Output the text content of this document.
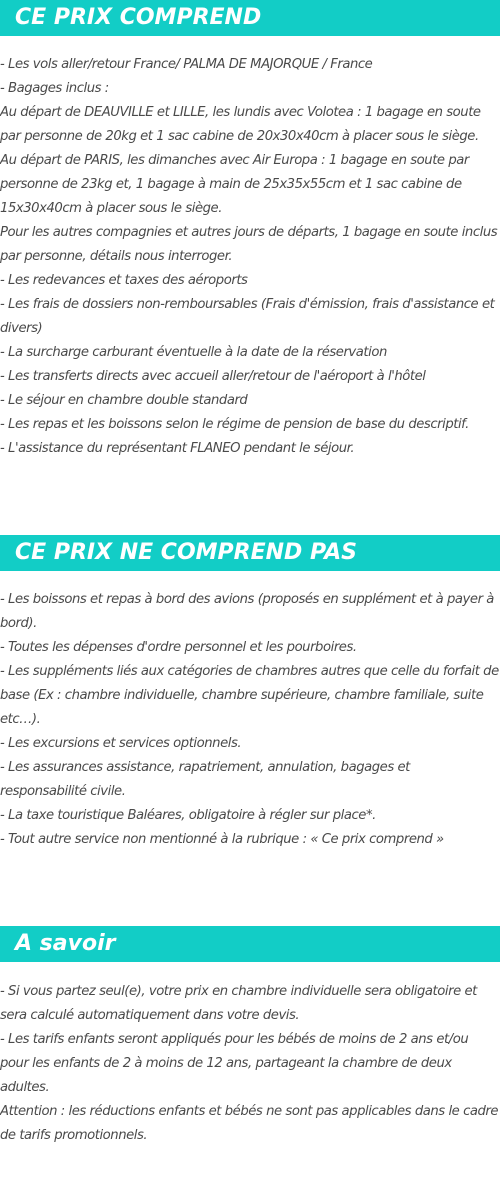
CE PRIX COMPREND
- Les vols aller/retour France/ PALMA DE MAJORQUE / France
- Bagages inclus :
Au départ de DEAUVILLE et LILLE, les lundis avec Volotea : 1 bagage en soute par personne de 20kg et 1 sac cabine de 20x30x40cm à placer sous le siège.
Au départ de PARIS, les dimanches avec Air Europa : 1 bagage en soute par personne de 23kg et, 1 bagage à main de 25x35x55cm et 1 sac cabine de 15x30x40cm à placer sous le siège.
Pour les autres compagnies et autres jours de départs, 1 bagage en soute inclus par personne, détails nous interroger.
- Les redevances et taxes des aéroports
- Les frais de dossiers non-remboursables (Frais d'émission, frais d'assistance et divers)
- La surcharge carburant éventuelle à la date de la réservation
- Les transferts directs avec accueil aller/retour de l'aéroport à l'hôtel
- Le séjour en chambre double standard
- Les repas et les boissons selon le régime de pension de base du descriptif.
- L'assistance du représentant FLANEO pendant le séjour.
CE PRIX NE COMPREND PAS
- Les boissons et repas à bord des avions (proposés en supplément et à payer à bord).
- Toutes les dépenses d'ordre personnel et les pourboires.
- Les suppléments liés aux catégories de chambres autres que celle du forfait de base (Ex : chambre individuelle, chambre supérieure, chambre familiale, suite etc…).
- Les excursions et services optionnels.
- Les assurances assistance, rapatriement, annulation, bagages et responsabilité civile.
- La taxe touristique Baléares, obligatoire à régler sur place*.
- Tout autre service non mentionné à la rubrique : « Ce prix comprend »
A savoir
- Si vous partez seul(e), votre prix en chambre individuelle sera obligatoire et sera calculé automatiquement dans votre devis.
- Les tarifs enfants seront appliqués pour les bébés de moins de 2 ans et/ou pour les enfants de 2 à moins de 12 ans, partageant la chambre de deux adultes.
Attention : les réductions enfants et bébés ne sont pas applicables dans le cadre de tarifs promotionnels.
